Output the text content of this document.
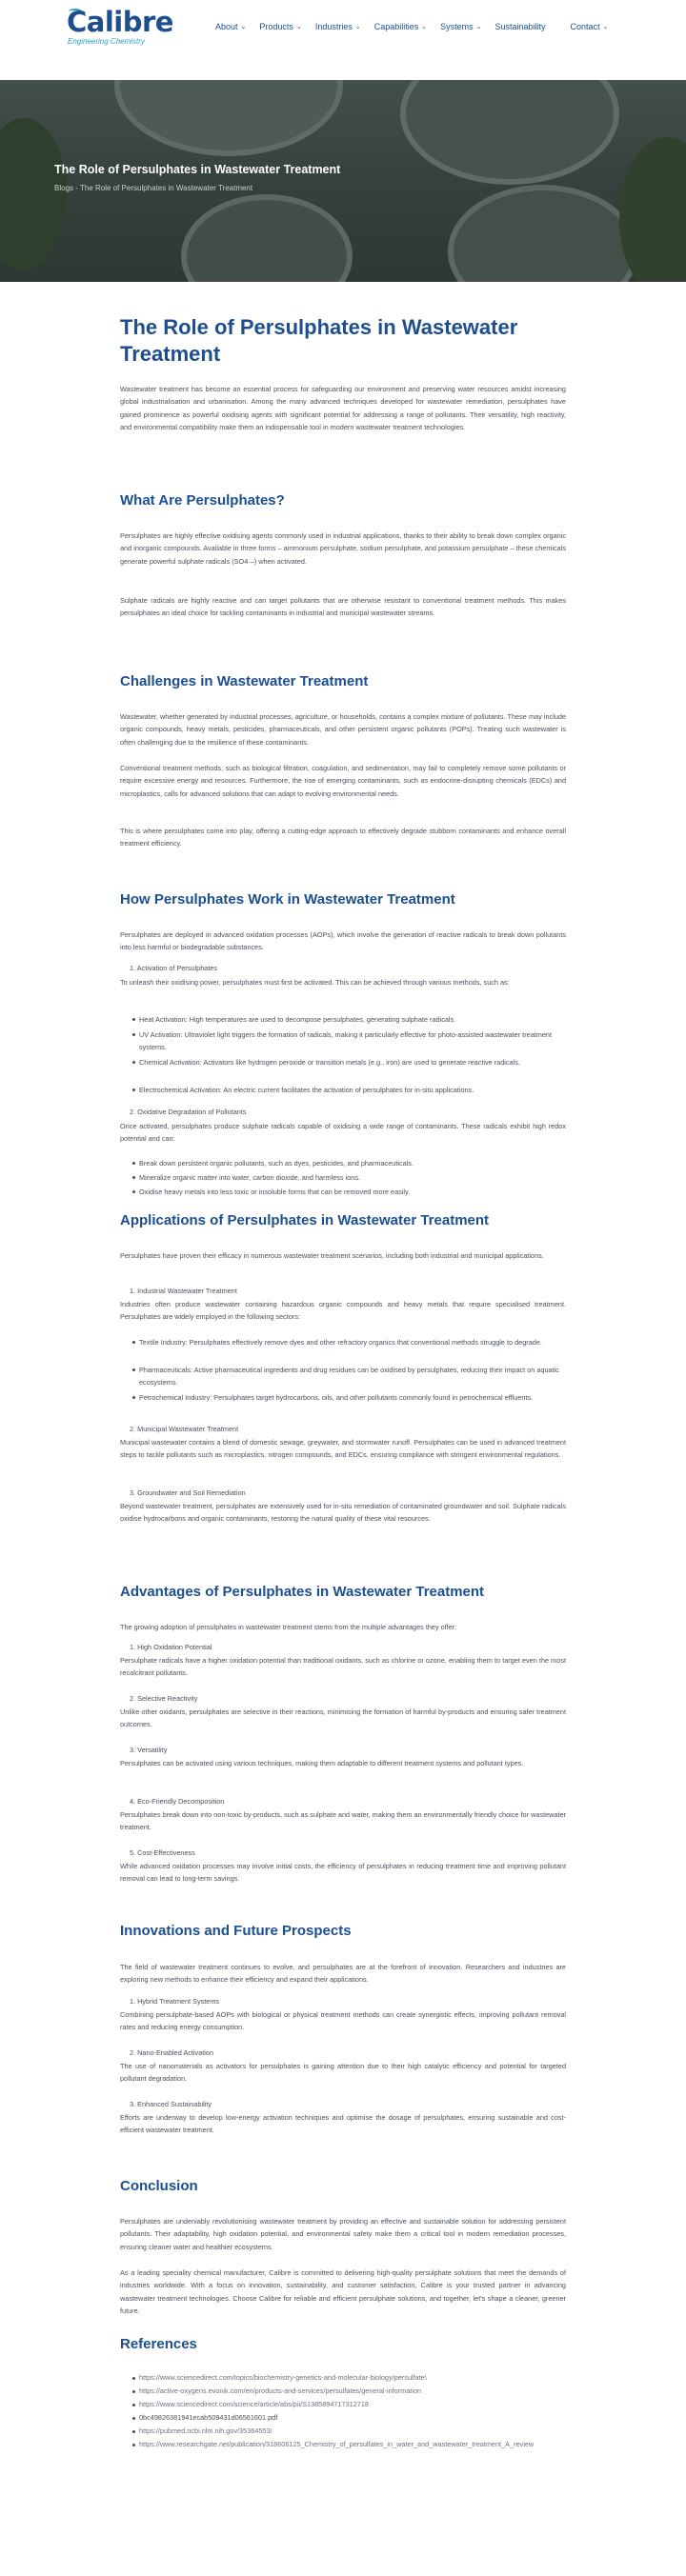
Calibre
Engineering Chemistry
About ⌄ Products ⌄ Industries ⌄ Capabilities ⌄ Systems ⌄ Sustainability	Contact ⌄
The Role of Persulphates in Wastewater Treatment
Blogs - The Role of Persulphates in Wastewater Treatment
The Role of Persulphates in Wastewater
Treatment
Wastewater treatment has become an essential process for safeguarding our environment and preserving water resources amidst increasing global industrialisation and urbanisation. Among the many advanced techniques developed for wastewater remediation, persulphates have gained prominence as powerful oxidising agents with significant potential for addressing a range of pollutants. Their versatility, high reactivity, and environmental compatibility make them an indispensable tool in modern wastewater treatment technologies.
What Are Persulphates?
Persulphates are highly effective oxidising agents commonly used in industrial applications, thanks to their ability to break down complex organic and inorganic compounds. Available in three forms – ammonium persulphate, sodium persulphate, and potassium persulphate – these chemicals generate powerful sulphate radicals (SO4·–) when activated.
Sulphate radicals are highly reactive and can target pollutants that are otherwise resistant to conventional treatment methods. This makes persulphates an ideal choice for tackling contaminants in industrial and municipal wastewater streams.
Challenges in Wastewater Treatment
Wastewater, whether generated by industrial processes, agriculture, or households, contains a complex mixture of pollutants. These may include organic compounds, heavy metals, pesticides, pharmaceuticals, and other persistent organic pollutants (POPs). Treating such wastewater is often challenging due to the resilience of these contaminants.
Conventional treatment methods, such as biological filtration, coagulation, and sedimentation, may fail to completely remove some pollutants or require excessive energy and resources. Furthermore, the rise of emerging contaminants, such as endocrine-disrupting chemicals (EDCs) and microplastics, calls for advanced solutions that can adapt to evolving environmental needs.
This is where persulphates come into play, offering a cutting-edge approach to effectively degrade stubborn contaminants and enhance overall treatment efficiency.
How Persulphates Work in Wastewater Treatment
Persulphates are deployed in advanced oxidation processes (AOPs), which involve the generation of reactive radicals to break down pollutants into less harmful or biodegradable substances.
1. Activation of Persulphates
To unleash their oxidising power, persulphates must first be activated. This can be achieved through various methods, such as:
Heat Activation: High temperatures are used to decompose persulphates, generating sulphate radicals.
UV Activation: Ultraviolet light triggers the formation of radicals, making it particularly effective for photo-assisted wastewater treatment systems.
Chemical Activation: Activators like hydrogen peroxide or transition metals (e.g., iron) are used to generate reactive radicals.
Electrochemical Activation: An electric current facilitates the activation of persulphates for in-situ applications.
2. Oxidative Degradation of Pollutants
Once activated, persulphates produce sulphate radicals capable of oxidising a wide range of contaminants. These radicals exhibit high redox potential and can:
Break down persistent organic pollutants, such as dyes, pesticides, and pharmaceuticals.
Mineralize organic matter into water, carbon dioxide, and harmless ions.
Oxidise heavy metals into less toxic or insoluble forms that can be removed more easily.
Applications of Persulphates in Wastewater Treatment
Persulphates have proven their efficacy in numerous wastewater treatment scenarios, including both industrial and municipal applications.
1. Industrial Wastewater Treatment
Industries often produce wastewater containing hazardous organic compounds and heavy metals that require specialised treatment. Persulphates are widely employed in the following sectors:
Textile Industry: Persulphates effectively remove dyes and other refractory organics that conventional methods struggle to degrade.
Pharmaceuticals: Active pharmaceutical ingredients and drug residues can be oxidised by persulphates, reducing their impact on aquatic ecosystems.
Petrochemical Industry: Persulphates target hydrocarbons, oils, and other pollutants commonly found in petrochemical effluents.
2. Municipal Wastewater Treatment
Municipal wastewater contains a blend of domestic sewage, greywater, and stormwater runoff. Persulphates can be used in advanced treatment steps to tackle pollutants such as microplastics, nitrogen compounds, and EDCs, ensuring compliance with stringent environmental regulations.
3. Groundwater and Soil Remediation
Beyond wastewater treatment, persulphates are extensively used for in-situ remediation of contaminated groundwater and soil. Sulphate radicals oxidise hydrocarbons and organic contaminants, restoring the natural quality of these vital resources.
Advantages of Persulphates in Wastewater Treatment
The growing adoption of persulphates in wastewater treatment stems from the multiple advantages they offer:
1. High Oxidation Potential
Persulphate radicals have a higher oxidation potential than traditional oxidants, such as chlorine or ozone, enabling them to target even the most recalcitrant pollutants.
2. Selective Reactivity
Unlike other oxidants, persulphates are selective in their reactions, minimising the formation of harmful by-products and ensuring safer treatment outcomes.
3. Versatility
Persulphates can be activated using various techniques, making them adaptable to different treatment systems and pollutant types.
4. Eco-Friendly Decomposition
Persulphates break down into non-toxic by-products, such as sulphate and water, making them an environmentally friendly choice for wastewater treatment.
5. Cost-Effectiveness
While advanced oxidation processes may involve initial costs, the efficiency of persulphates in reducing treatment time and improving pollutant removal can lead to long-term savings.
Innovations and Future Prospects
The field of wastewater treatment continues to evolve, and persulphates are at the forefront of innovation. Researchers and industries are exploring new methods to enhance their efficiency and expand their applications.
1. Hybrid Treatment Systems
Combining persulphate-based AOPs with biological or physical treatment methods can create synergistic effects, improving pollutant removal rates and reducing energy consumption.
2. Nano-Enabled Activation
The use of nanomaterials as activators for persulphates is gaining attention due to their high catalytic efficiency and potential for targeted pollutant degradation.
3. Enhanced Sustainability
Efforts are underway to develop low-energy activation techniques and optimise the dosage of persulphates, ensuring sustainable and cost-efficient wastewater treatment.
Conclusion
Persulphates are undeniably revolutionising wastewater treatment by providing an effective and sustainable solution for addressing persistent pollutants. Their adaptability, high oxidation potential, and environmental safety make them a critical tool in modern remediation processes, ensuring cleaner water and healthier ecosystems.
As a leading speciality chemical manufacturer, Calibre is committed to delivering high-quality persulphate solutions that meet the demands of industries worldwide. With a focus on innovation, sustainability, and customer satisfaction, Calibre is your trusted partner in advancing wastewater treatment technologies. Choose Calibre for reliable and efficient persulphate solutions, and together, let's shape a cleaner, greener future.
References
https://www.sciencedirect.com/topics/biochemistry-genetics-and-molecular-biology/persulfate\
https://active-oxygens.evonik.com/en/products-and-services/persulfates/general-information
https://www.sciencedirect.com/science/article/abs/pii/S1385894717312718
0bc49826381941ecab509431d06561601.pdf
https://pubmed.ncbi.nlm.nih.gov/35364553/
https://www.researchgate.net/publication/318606125_Chemistry_of_persulfates_in_water_and_wastewater_treatment_A_review
